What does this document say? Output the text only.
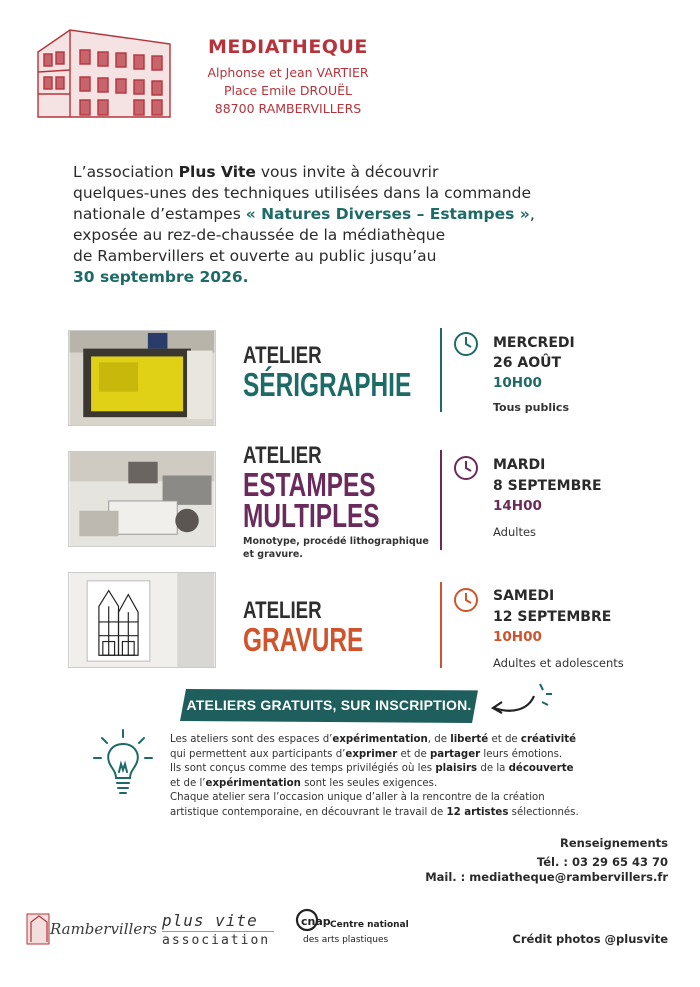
MEDIATHEQUE
Alphonse et Jean VARTIER
Place Emile DROUËL
88700 RAMBERVILLERS
L’association Plus Vite vous invite à découvrir
quelques-unes des techniques utilisées dans la commande
nationale d’estampes « Natures Diverses – Estampes »,
exposée au rez-de-chaussée de la médiathèque
de Rambervillers et ouverte au public jusqu’au
30 septembre 2026.
ATELIER
SÉRIGRAPHIE
MERCREDI
26 AOÛT
10H00
Tous publics
ATELIER
ESTAMPES
MULTIPLES
Monotype, procédé lithographique
et gravure.
MARDI
8 SEPTEMBRE
14H00
Adultes
ATELIER
GRAVURE
SAMEDI
12 SEPTEMBRE
10H00
Adultes et adolescents
ATELIERS GRATUITS, SUR INSCRIPTION.
Les ateliers sont des espaces d’expérimentation, de liberté et de créativité
qui permettent aux participants d’exprimer et de partager leurs émotions.
Ils sont conçus comme des temps privilégiés où les plaisirs de la découverte
et de l’expérimentation sont les seules exigences.
Chaque atelier sera l’occasion unique d’aller à la rencontre de la création
artistique contemporaine, en découvrant le travail de 12 artistes sélectionnés.
Renseignements
Tél. : 03 29 65 43 70
Mail. : mediatheque@rambervillers.fr
Rambervillers plus vite
association
cnap Centre national
des arts plastiques	Crédit photos @plusvite
